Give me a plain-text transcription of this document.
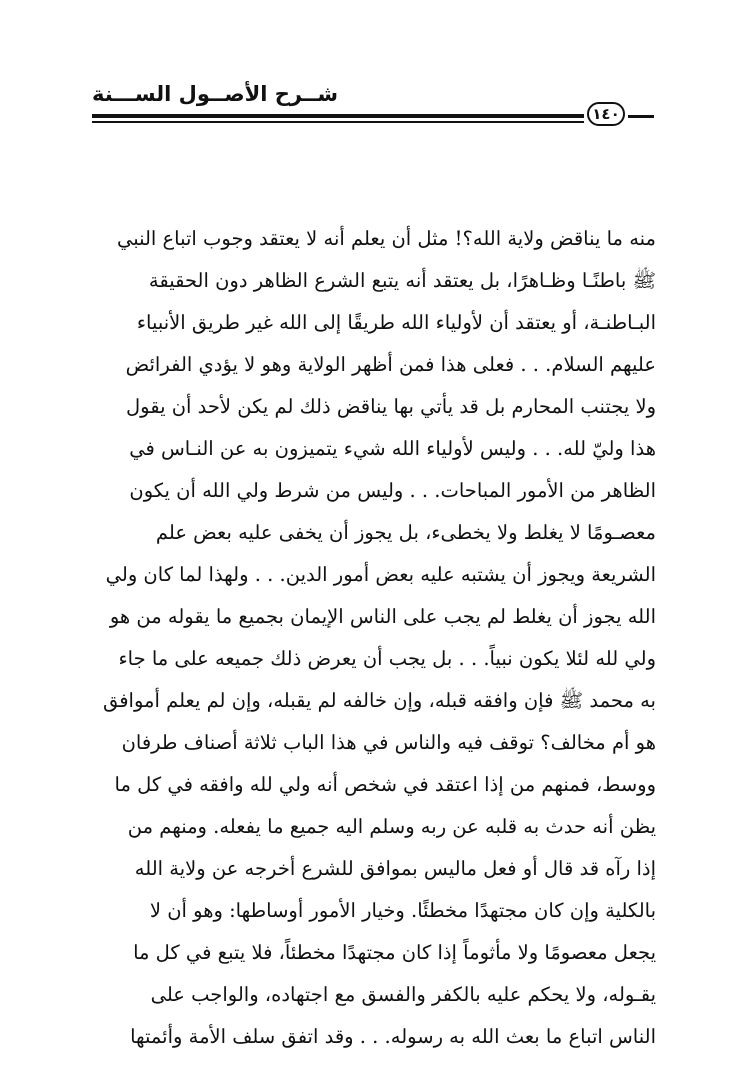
شــرح الأصــول الســـنة
١٤٠
منه ما يناقض ولاية الله؟! مثل أن يعلم أنه لا يعتقد وجوب اتباع النبي
ﷺ باطنًـا وظـاهرًا، بل يعتقد أنه يتبع الشرع الظاهر دون الحقيقة
البـاطنـة، أو يعتقد أن لأولياء الله طريقًا إلى الله غير طريق الأنبياء
عليهم السلام. . . فعلى هذا فمن أظهر الولاية وهو لا يؤدي الفرائض
ولا يجتنب المحارم بل قد يأتي بها يناقض ذلك لم يكن لأحد أن يقول
هذا وليّ لله. . . وليس لأولياء الله شيء يتميزون به عن النـاس في
الظاهر من الأمور المباحات. . . وليس من شرط ولي الله أن يكون
معصـومًا لا يغلط ولا يخطىء، بل يجوز أن يخفى عليه بعض علم
الشريعة ويجوز أن يشتبه عليه بعض أمور الدين. . . ولهذا لما كان ولي
الله يجوز أن يغلط لم يجب على الناس الإيمان بجميع ما يقوله من هو
ولي لله لئلا يكون نبياً. . . بل يجب أن يعرض ذلك جميعه على ما جاء
به محمد ﷺ فإن وافقه قبله، وإن خالفه لم يقبله، وإن لم يعلم أموافق
هو أم مخالف؟ توقف فيه والناس في هذا الباب ثلاثة أصناف طرفان
ووسط، فمنهم من إذا اعتقد في شخص أنه ولي لله وافقه في كل ما
يظن أنه حدث به قلبه عن ربه وسلم اليه جميع ما يفعله. ومنهم من
إذا رآه قد قال أو فعل ماليس بموافق للشرع أخرجه عن ولاية الله
بالكلية وإن كان مجتهدًا مخطئًا. وخيار الأمور أوساطها: وهو أن لا
يجعل معصومًا ولا مأثوماً إذا كان مجتهدًا مخطئاً، فلا يتبع في كل ما
يقـوله، ولا يحكم عليه بالكفر والفسق مع اجتهاده، والواجب على
الناس اتباع ما بعث الله به رسوله. . . وقد اتفق سلف الأمة وأئمتها
